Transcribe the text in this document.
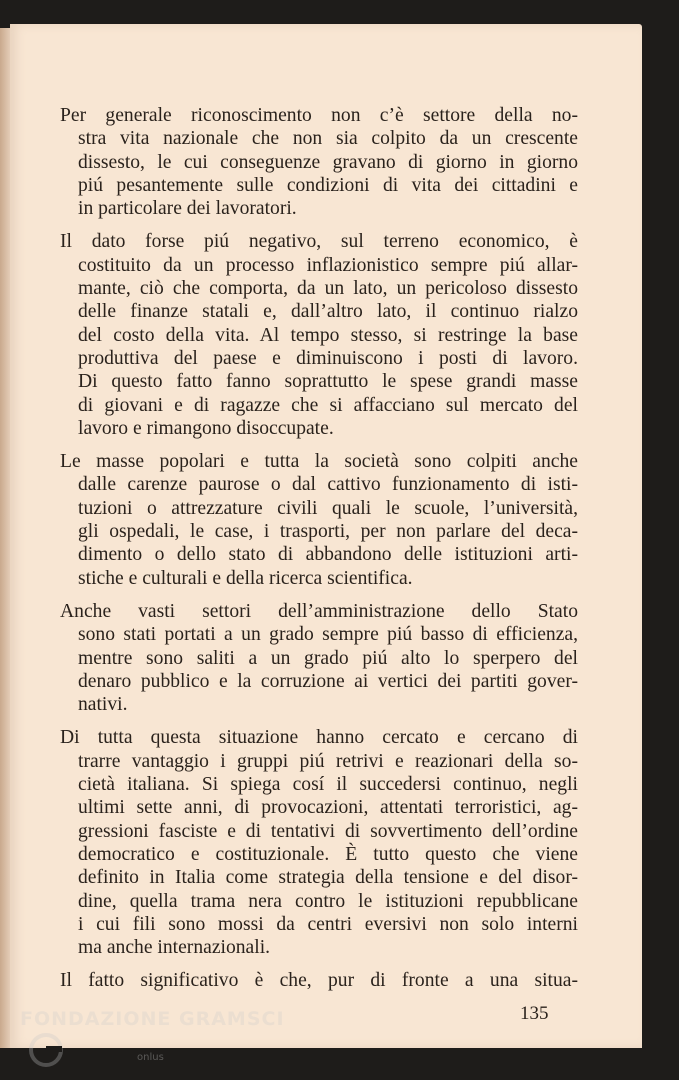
Per generale riconoscimento non c’è settore della no-
stra vita nazionale che non sia colpito da un crescente
dissesto, le cui conseguenze gravano di giorno in giorno
piú pesantemente sulle condizioni di vita dei cittadini e
in particolare dei lavoratori.

Il dato forse piú negativo, sul terreno economico, è
costituito da un processo inflazionistico sempre piú allar-
mante, ciò che comporta, da un lato, un pericoloso dissesto
delle finanze statali e, dall’altro lato, il continuo rialzo
del costo della vita. Al tempo stesso, si restringe la base
produttiva del paese e diminuiscono i posti di lavoro.
Di questo fatto fanno soprattutto le spese grandi masse
di giovani e di ragazze che si affacciano sul mercato del
lavoro e rimangono disoccupate.

Le masse popolari e tutta la società sono colpiti anche
dalle carenze paurose o dal cattivo funzionamento di isti-
tuzioni o attrezzature civili quali le scuole, l’università,
gli ospedali, le case, i trasporti, per non parlare del deca-
dimento o dello stato di abbandono delle istituzioni arti-
stiche e culturali e della ricerca scientifica.

Anche vasti settori dell’amministrazione dello Stato
sono stati portati a un grado sempre piú basso di efficienza,
mentre sono saliti a un grado piú alto lo sperpero del
denaro pubblico e la corruzione ai vertici dei partiti gover-
nativi.

Di tutta questa situazione hanno cercato e cercano di
trarre vantaggio i gruppi piú retrivi e reazionari della so-
cietà italiana. Si spiega cosí il succedersi continuo, negli
ultimi sette anni, di provocazioni, attentati terroristici, ag-
gressioni fasciste e di tentativi di sovvertimento dell’ordine
democratico e costituzionale. È tutto questo che viene
definito in Italia come strategia della tensione e del disor-
dine, quella trama nera contro le istituzioni repubblicane
i cui fili sono mossi da centri eversivi non solo interni
ma anche internazionali.

Il fatto significativo è che, pur di fronte a una situa-

135
FONDAZIONE GRAMSCI
onlus
